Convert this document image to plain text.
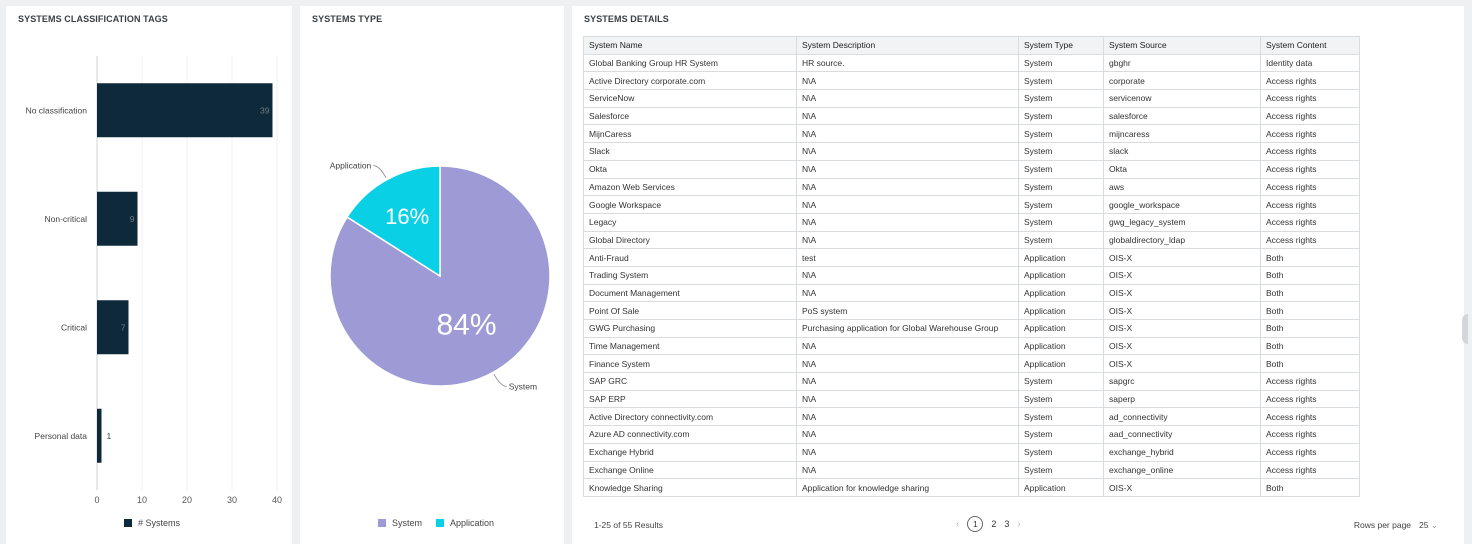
SYSTEMS CLASSIFICATION TAGS
0	10	20	30	40
No classification	39
Non-critical	9
Critical	7
Personal data 1
# Systems
SYSTEMS TYPE
84%
System
16%
Application
System	Application
SYSTEMS DETAILS
System Name	System Description	System Type	System Source	System Content
Global Banking Group HR System	HR source.	System	gbghr	Identity data
Active Directory corporate.com	N\A	System	corporate	Access rights
ServiceNow	N\A	System	servicenow	Access rights
Salesforce	N\A	System	salesforce	Access rights
MijnCaress	N\A	System	mijncaress	Access rights
Slack	N\A	System	slack	Access rights
Okta	N\A	System	Okta	Access rights
Amazon Web Services	N\A	System	aws	Access rights
Google Workspace	N\A	System	google_workspace	Access rights
Legacy	N\A	System	gwg_legacy_system	Access rights
Global Directory	N\A	System	globaldirectory_ldap	Access rights
Anti-Fraud	test	Application	OIS-X	Both
Trading System	N\A	Application	OIS-X	Both
Document Management	N\A	Application	OIS-X	Both
Point Of Sale	PoS system	Application	OIS-X	Both
GWG Purchasing	Purchasing application for Global Warehouse Group	Application	OIS-X	Both
Time Management	N\A	Application	OIS-X	Both
Finance System	N\A	Application	OIS-X	Both
SAP GRC	N\A	System	sapgrc	Access rights
SAP ERP	N\A	System	saperp	Access rights
Active Directory connectivity.com	N\A	System	ad_connectivity	Access rights
Azure AD connectivity.com	N\A	System	aad_connectivity	Access rights
Exchange Hybrid	N\A	System	exchange_hybrid	Access rights
Exchange Online	N\A	System	exchange_online	Access rights
Knowledge Sharing	Application for knowledge sharing	Application	OIS-X	Both
1-25 of 55 Results	‹	1	2 3 ›	Rows per page 25 ⌄
